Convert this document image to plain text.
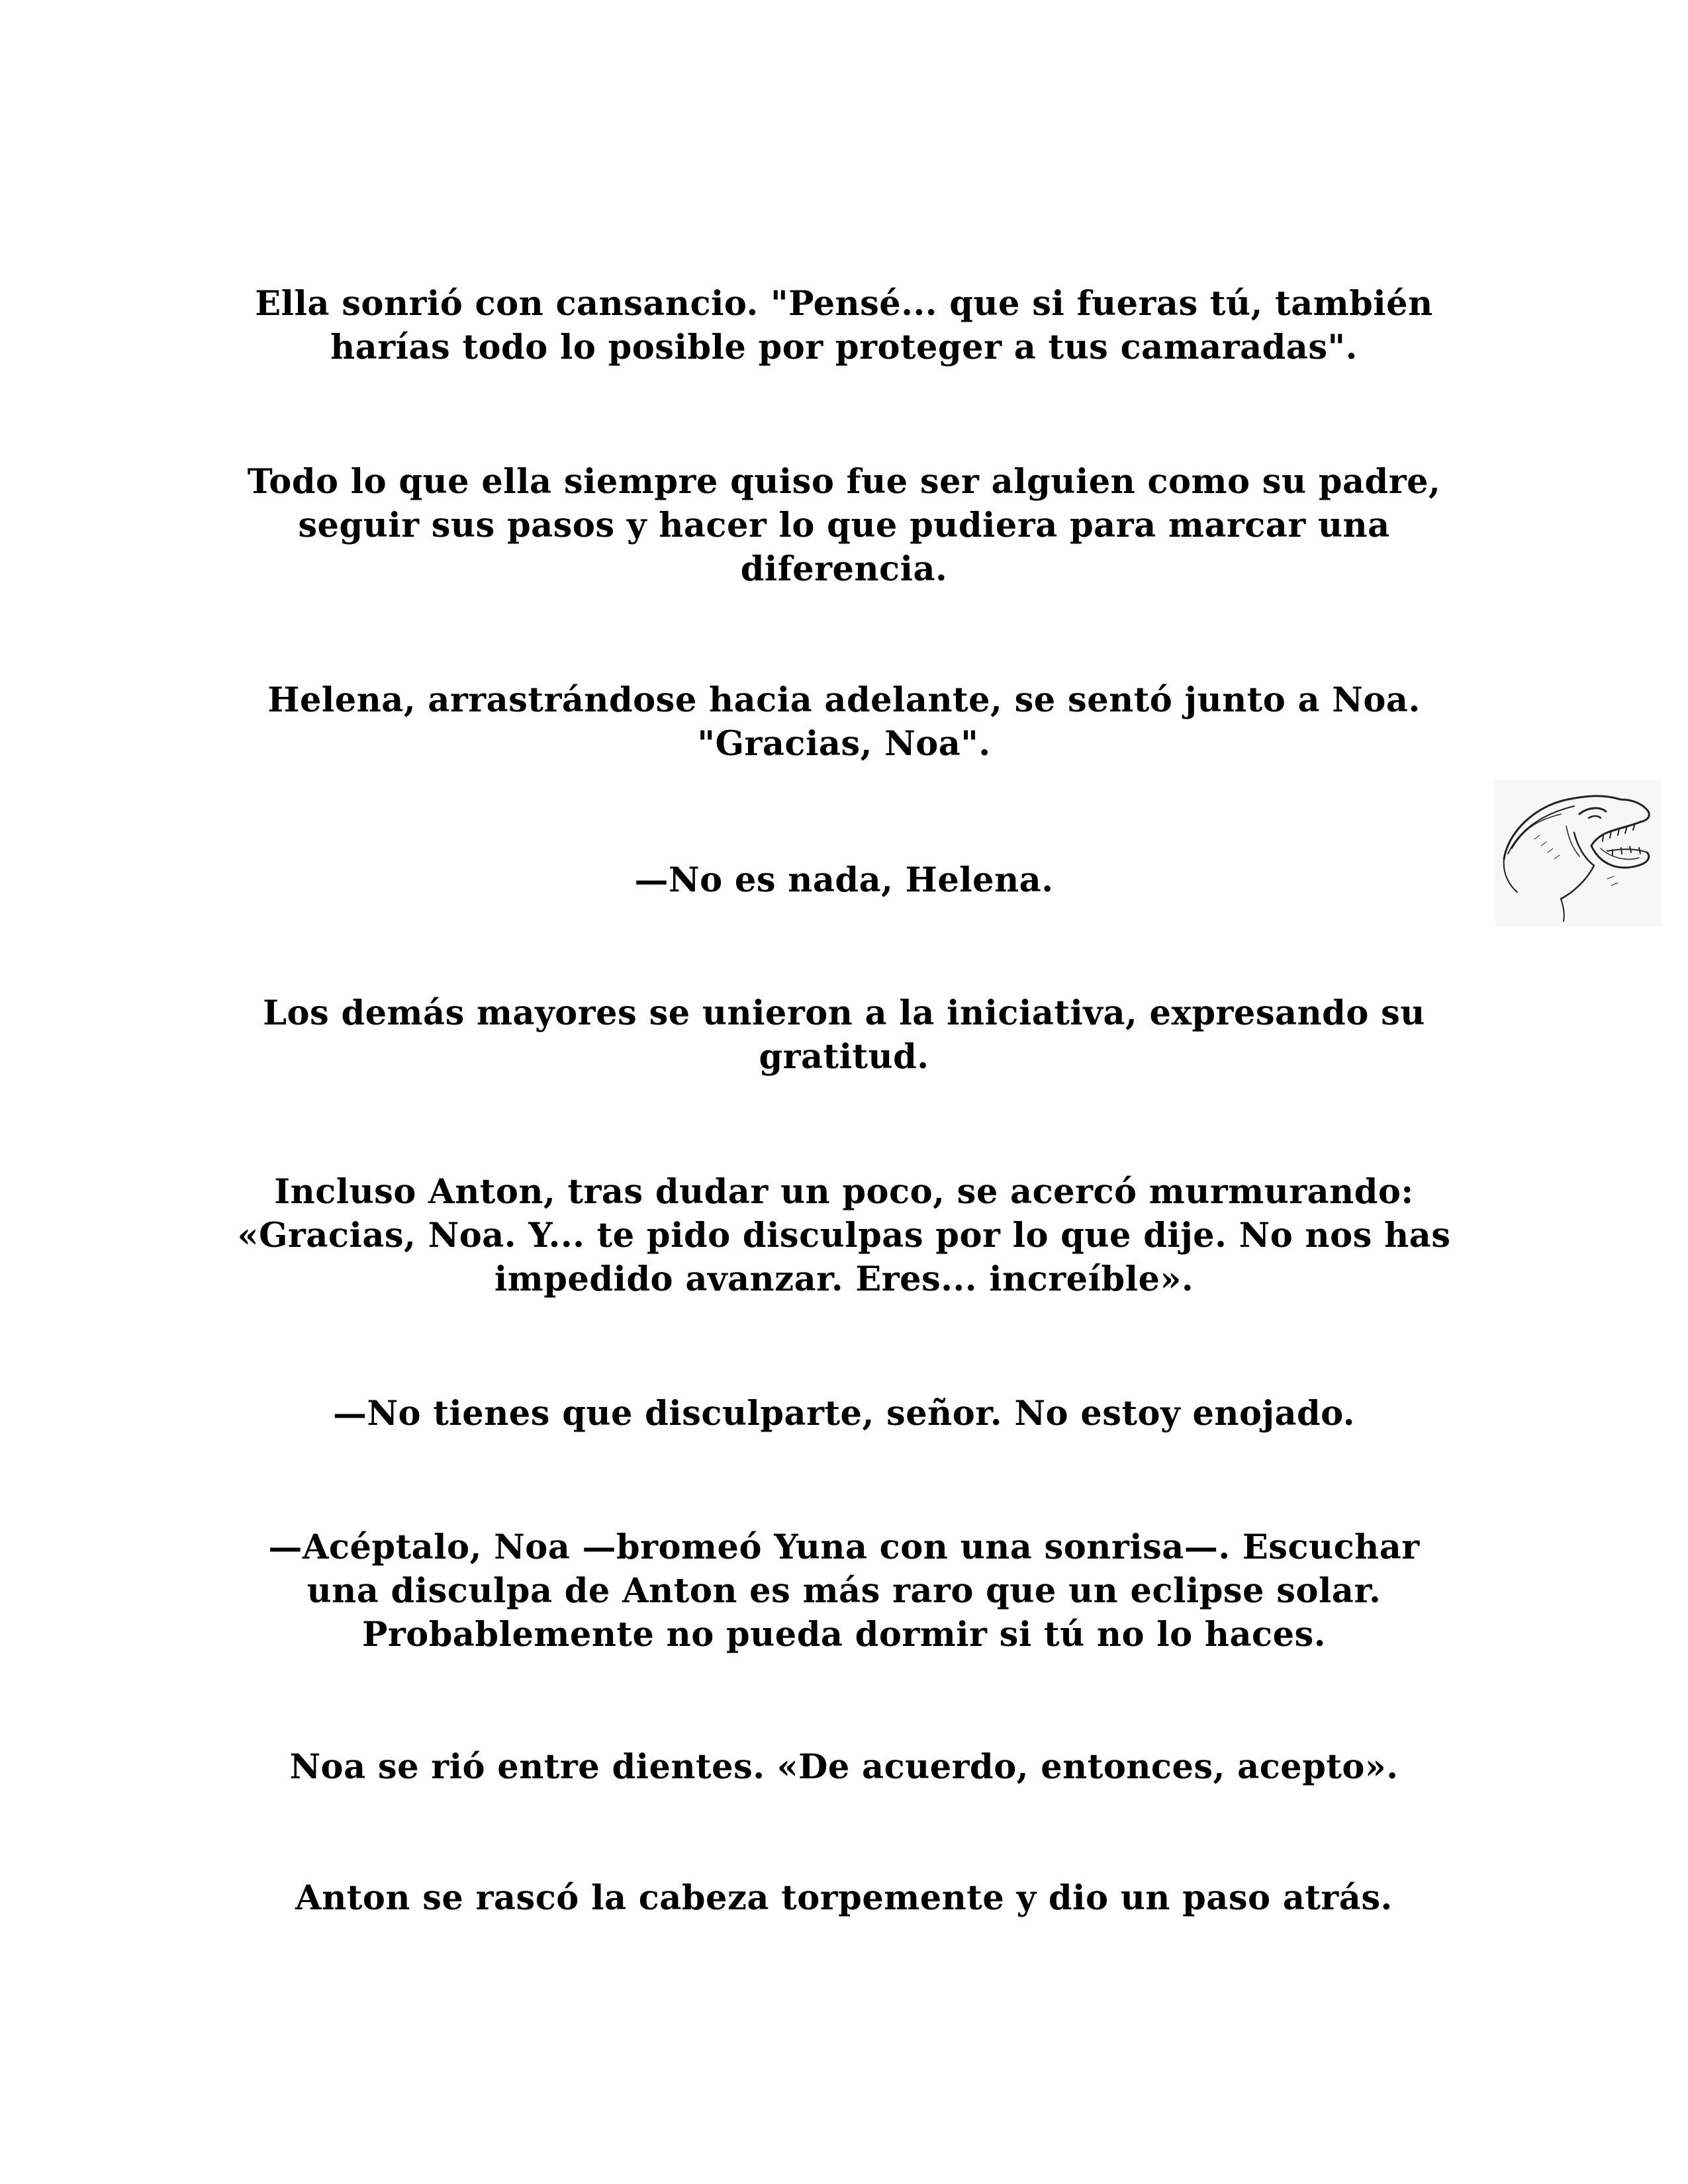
Ella sonrió con cansancio. "Pensé... que si fueras tú, también
harías todo lo posible por proteger a tus camaradas".
Todo lo que ella siempre quiso fue ser alguien como su padre,
seguir sus pasos y hacer lo que pudiera para marcar una
diferencia.
Helena, arrastrándose hacia adelante, se sentó junto a Noa.
"Gracias, Noa".
—No es nada, Helena.
Los demás mayores se unieron a la iniciativa, expresando su
gratitud.
Incluso Anton, tras dudar un poco, se acercó murmurando:
«Gracias, Noa. Y... te pido disculpas por lo que dije. No nos has
impedido avanzar. Eres... increíble».
—No tienes que disculparte, señor. No estoy enojado.
—Acéptalo, Noa —bromeó Yuna con una sonrisa—. Escuchar
una disculpa de Anton es más raro que un eclipse solar.
Probablemente no pueda dormir si tú no lo haces.
Noa se rió entre dientes. «De acuerdo, entonces, acepto».
Anton se rascó la cabeza torpemente y dio un paso atrás.
